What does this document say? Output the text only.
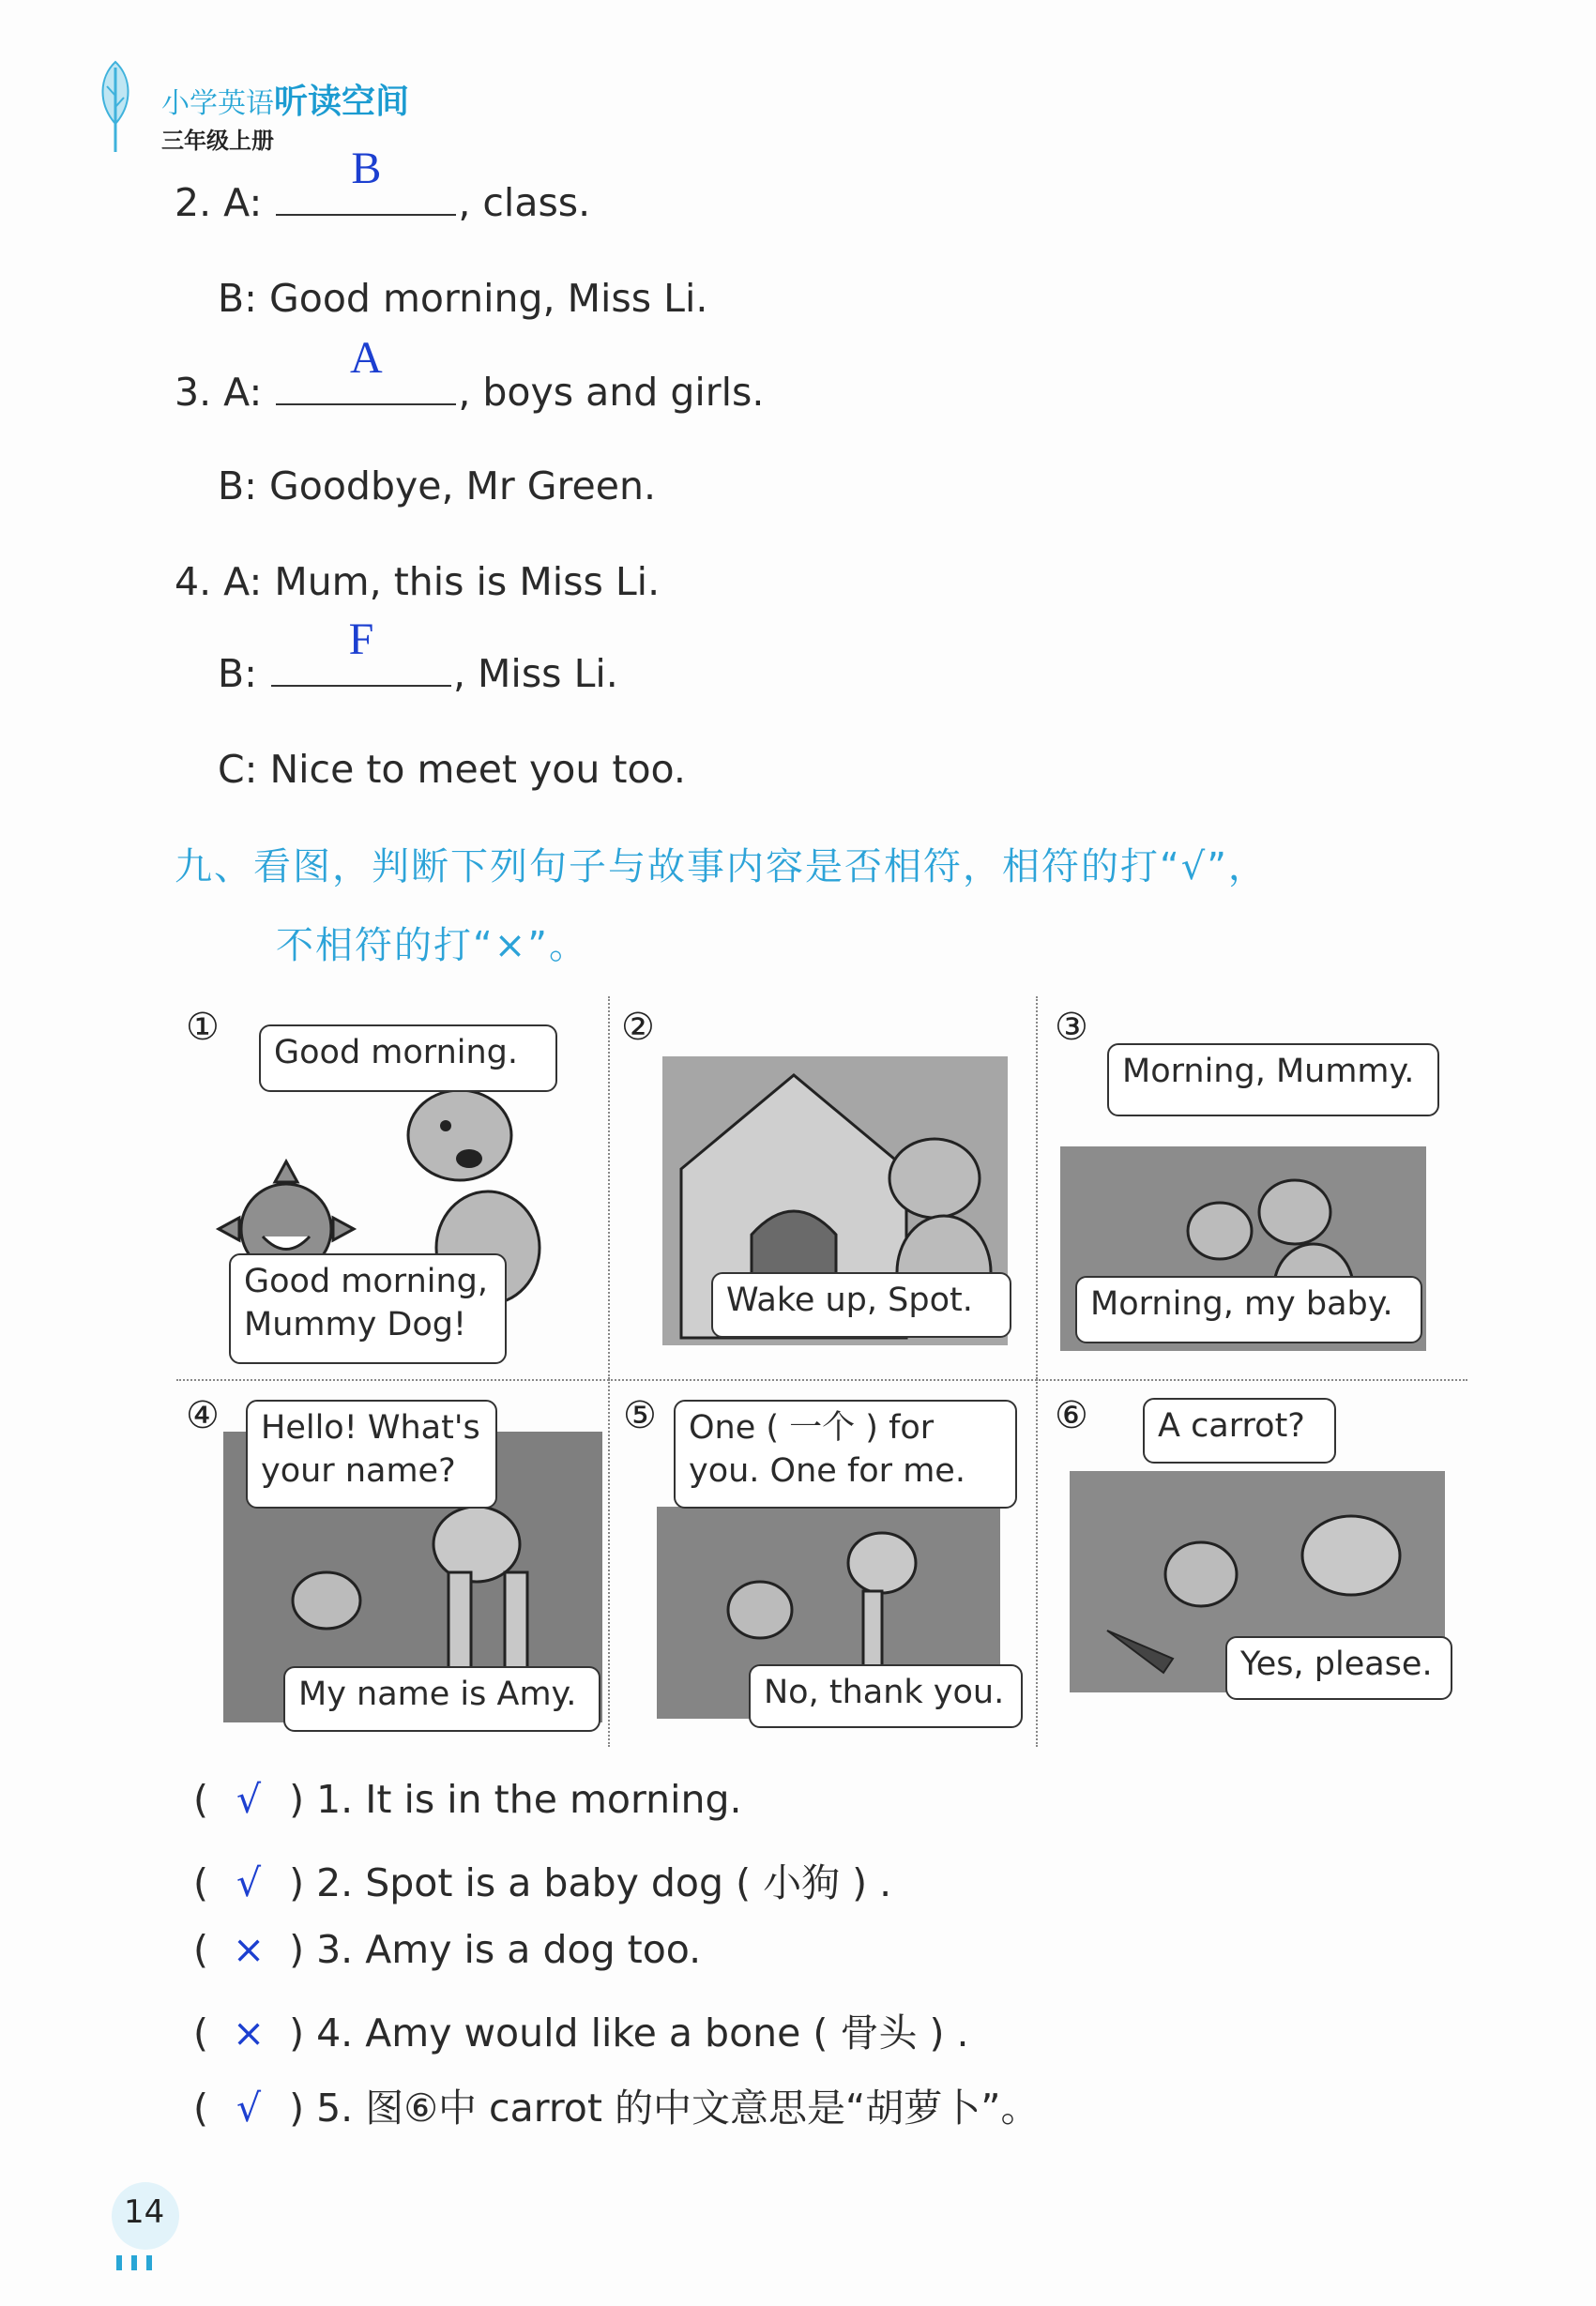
小学英语听读空间
三年级上册
2. A:
B
, class.
B: Good morning, Miss Li.
3. A:
A
, boys and girls.
B: Goodbye, Mr Green.
4. A: Mum, this is Miss Li.
B:
F
, Miss Li.
C: Nice to meet you too.
九、看图，判断下列句子与故事内容是否相符，相符的打“√”，
不相符的打“×”。
①
Good morning.
Good morning,
Mummy Dog!
②
Wake up, Spot.
③
Morning, Mummy.
Morning, my baby.
④	Hello! What's
your name?
My name is Amy.
⑤ One ( 一个 ) for
you. One for me.
No, thank you.
⑥	A carrot?
Yes, please.
( √ ) 1. It is in the morning.
( √ ) 2. Spot is a baby dog ( 小狗 ) .
( × ) 3. Amy is a dog too.
( × ) 4. Amy would like a bone ( 骨头 ) .
( √ ) 5. 图⑥中 carrot 的中文意思是“胡萝卜”。
14
